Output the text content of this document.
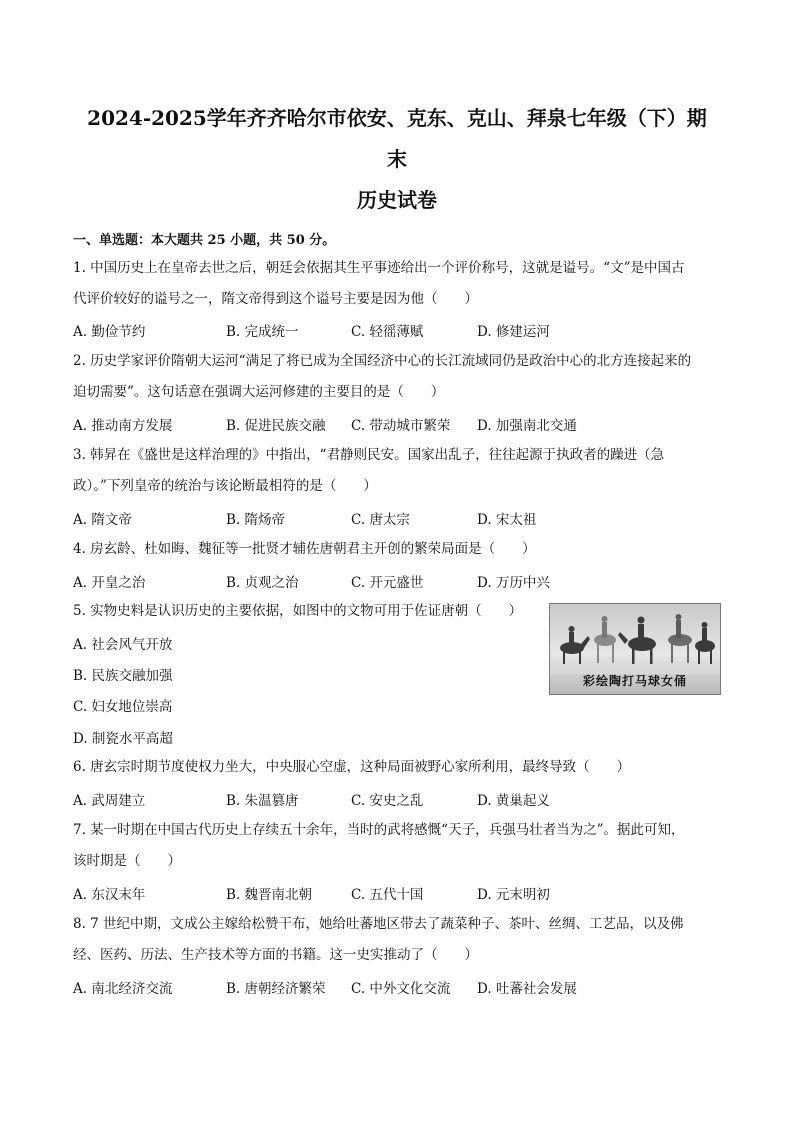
2024-2025学年齐齐哈尔市依安、克东、克山、拜泉七年级（下）期
末
历史试卷
一、单选题：本大题共 25 小题，共 50 分。
1. 中国历史上在皇帝去世之后，朝廷会依据其生平事迹给出一个评价称号，这就是谥号。“文”是中国古
代评价较好的谥号之一，隋文帝得到这个谥号主要是因为他（　　）
A. 勤俭节约	B. 完成统一	C. 轻徭薄赋	D. 修建运河
2. 历史学家评价隋朝大运河“满足了将已成为全国经济中心的长江流域同仍是政治中心的北方连接起来的
迫切需要”。这句话意在强调大运河修建的主要目的是（　　）
A. 推动南方发展	B. 促进民族交融 C. 带动城市繁荣 D. 加强南北交通
3. 韩昇在《盛世是这样治理的》中指出，“君静则民安。国家出乱子，往往起源于执政者的躁进（急
政）。”下列皇帝的统治与该论断最相符的是（　　）
A. 隋文帝	B. 隋炀帝	C. 唐太宗	D. 宋太祖
4. 房玄龄、杜如晦、魏征等一批贤才辅佐唐朝君主开创的繁荣局面是（　　）
A. 开皇之治	B. 贞观之治	C. 开元盛世	D. 万历中兴
5. 实物史料是认识历史的主要依据，如图中的文物可用于佐证唐朝（　　）
A. 社会风气开放
B. 民族交融加强
C. 妇女地位崇高
D. 制瓷水平高超
彩绘陶打马球女俑
6. 唐玄宗时期节度使权力坐大，中央服心空虚，这种局面被野心家所利用，最终导致（　　）
A. 武周建立	B. 朱温篡唐	C. 安史之乱	D. 黄巢起义
7. 某一时期在中国古代历史上存续五十余年，当时的武将感慨“天子，兵强马壮者当为之”。据此可知，
该时期是（　　）
A. 东汉末年	B. 魏晋南北朝	C. 五代十国	D. 元末明初
8. 7 世纪中期，文成公主嫁给松赞干布，她给吐蕃地区带去了蔬菜种子、茶叶、丝绸、工艺品，以及佛
经、医药、历法、生产技术等方面的书籍。这一史实推动了（　　）
A. 南北经济交流	B. 唐朝经济繁荣 C. 中外文化交流 D. 吐蕃社会发展
